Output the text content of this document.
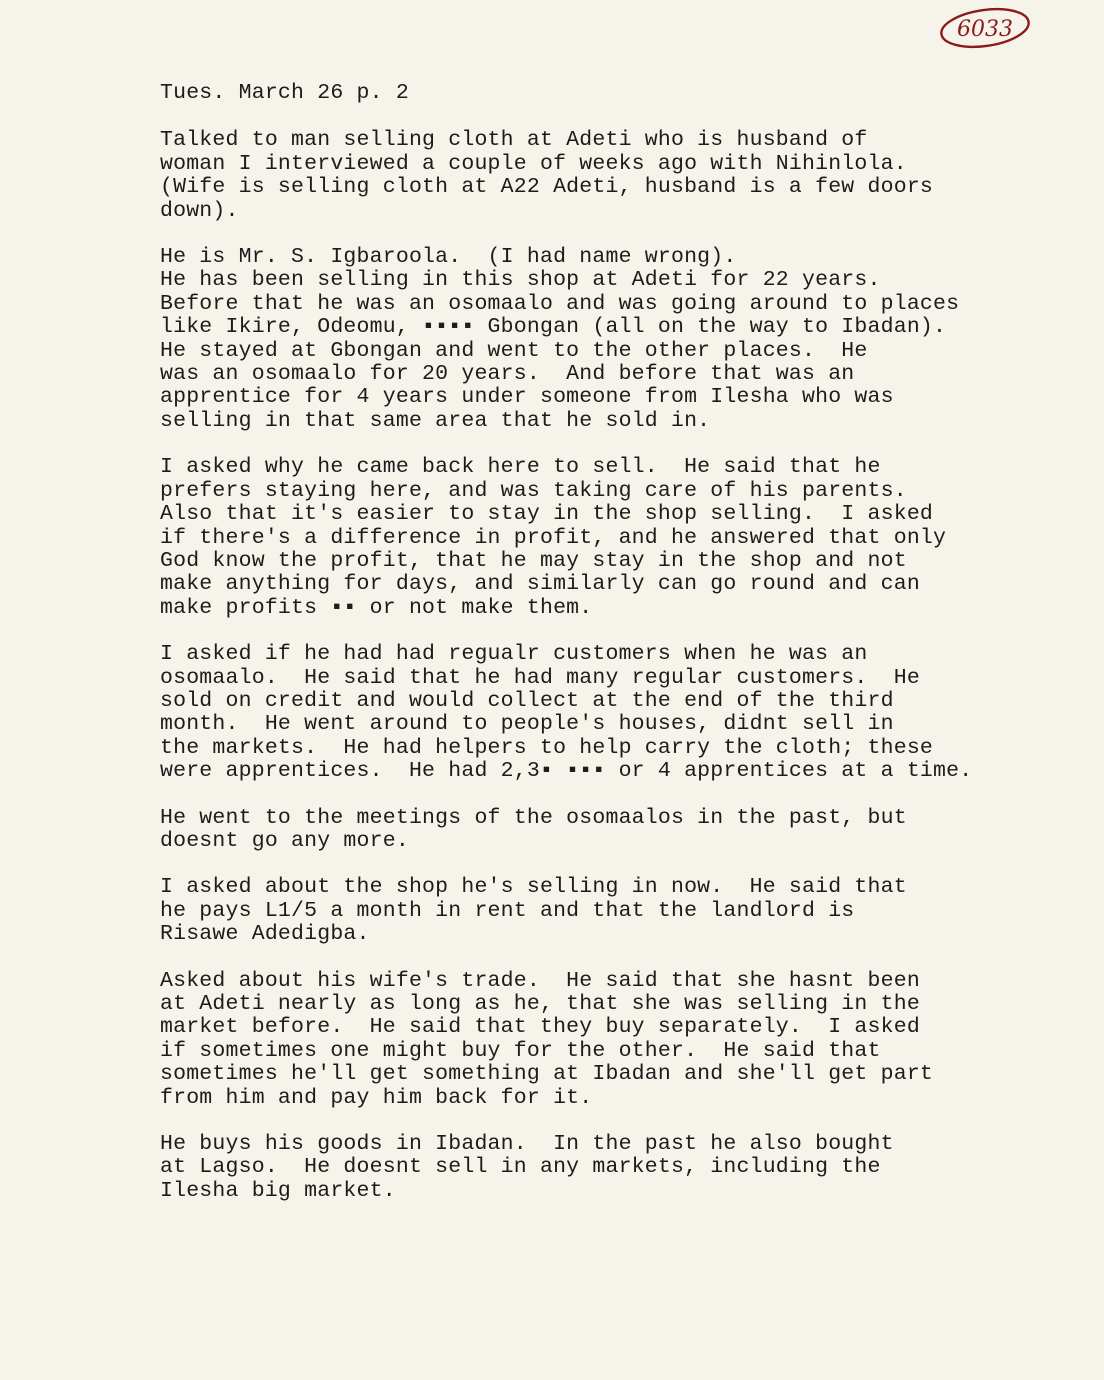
6033
Tues. March 26 p. 2
Talked to man selling cloth at Adeti who is husband of
woman I interviewed a couple of weeks ago with Nihinlola.
(Wife is selling cloth at A22 Adeti, husband is a few doors
down).
He is Mr. S. Igbaroola.  (I had name wrong).
He has been selling in this shop at Adeti for 22 years.
Before that he was an osomaalo and was going around to places
like Ikire, Odeomu, ▪▪▪▪ Gbongan (all on the way to Ibadan).
He stayed at Gbongan and went to the other places.  He
was an osomaalo for 20 years.  And before that was an
apprentice for 4 years under someone from Ilesha who was
selling in that same area that he sold in.
I asked why he came back here to sell.  He said that he
prefers staying here, and was taking care of his parents.
Also that it's easier to stay in the shop selling.  I asked
if there's a difference in profit, and he answered that only
God know the profit, that he may stay in the shop and not
make anything for days, and similarly can go round and can
make profits ▪▪ or not make them.
I asked if he had had regualr customers when he was an
osomaalo.  He said that he had many regular customers.  He
sold on credit and would collect at the end of the third
month.  He went around to people's houses, didnt sell in
the markets.  He had helpers to help carry the cloth; these
were apprentices.  He had 2,3▪ ▪▪▪ or 4 apprentices at a time.
He went to the meetings of the osomaalos in the past, but
doesnt go any more.
I asked about the shop he's selling in now.  He said that
he pays L1/5 a month in rent and that the landlord is
Risawe Adedigba.
Asked about his wife's trade.  He said that she hasnt been
at Adeti nearly as long as he, that she was selling in the
market before.  He said that they buy separately.  I asked
if sometimes one might buy for the other.  He said that
sometimes he'll get something at Ibadan and she'll get part
from him and pay him back for it.
He buys his goods in Ibadan.  In the past he also bought
at Lagso.  He doesnt sell in any markets, including the
Ilesha big market.
